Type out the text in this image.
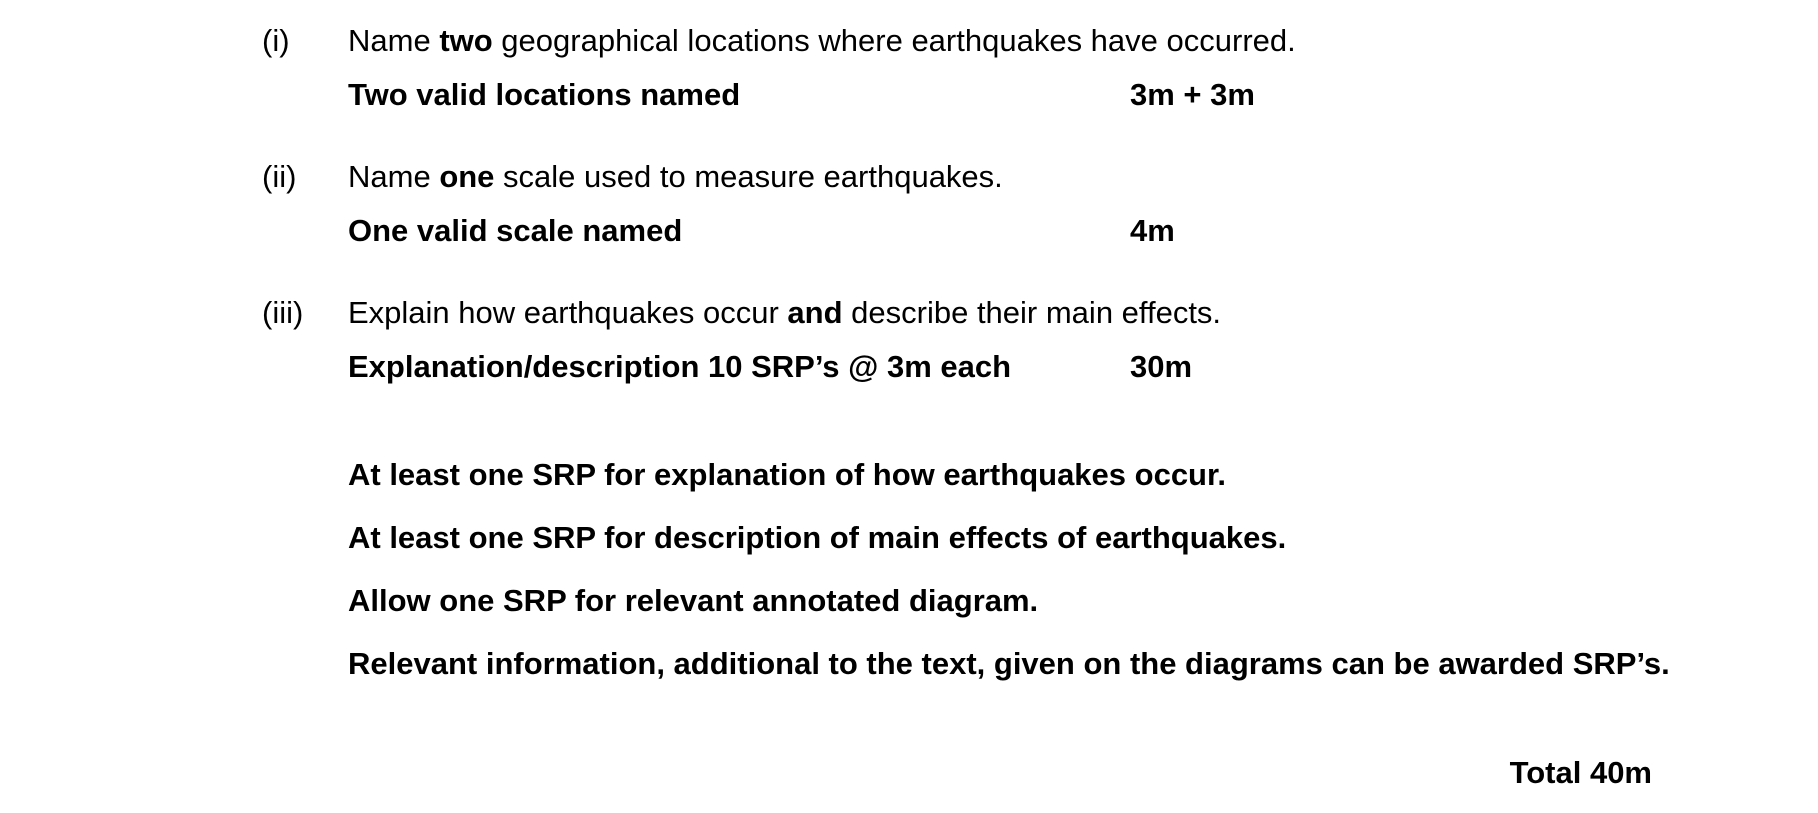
(i) Name two geographical locations where earthquakes have occurred.
Two valid locations named	3m + 3m
(ii) Name one scale used to measure earthquakes.
One valid scale named	4m
(iii) Explain how earthquakes occur and describe their main effects.
Explanation/description 10 SRP’s @ 3m each	30m
At least one SRP for explanation of how earthquakes occur.
At least one SRP for description of main effects of earthquakes.
Allow one SRP for relevant annotated diagram.
Relevant information, additional to the text, given on the diagrams can be awarded SRP’s.
Total 40m
